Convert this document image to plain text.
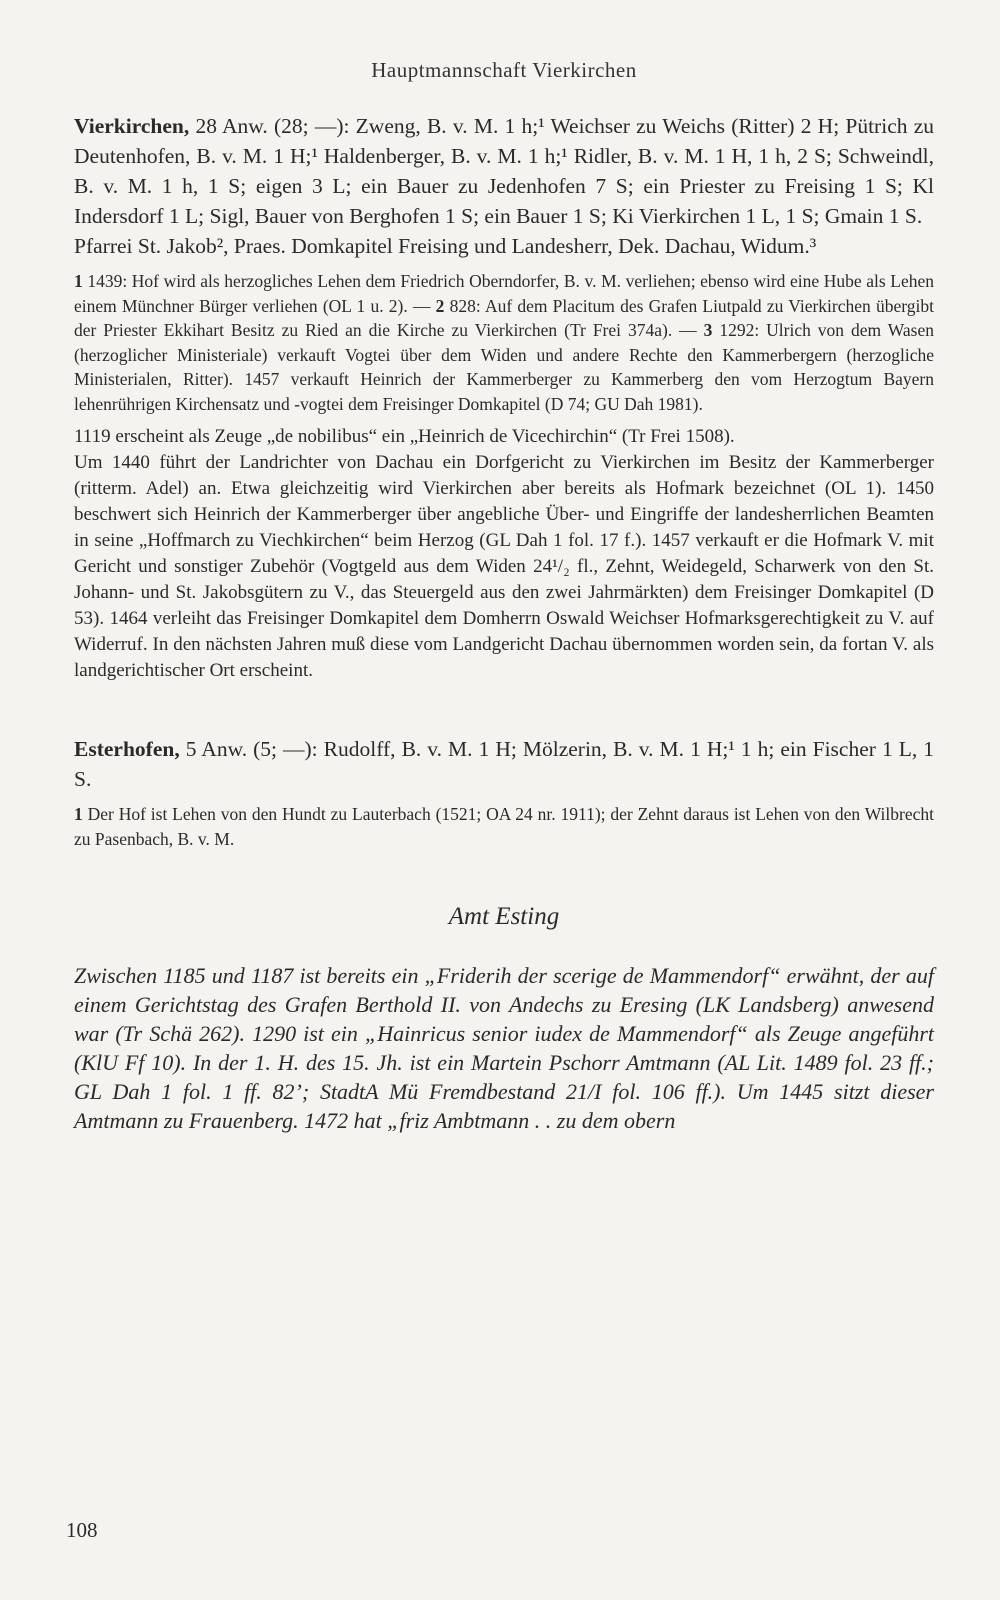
Hauptmannschaft Vierkirchen

Vierkirchen, 28 Anw. (28; —): Zweng, B. v. M. 1 h;¹ Weichser zu Weichs (Ritter) 2 H; Pütrich zu Deutenhofen, B. v. M. 1 H;¹ Haldenberger, B. v. M. 1 h;¹ Ridler, B. v. M. 1 H, 1 h, 2 S; Schweindl, B. v. M. 1 h, 1 S; eigen 3 L; ein Bauer zu Jedenhofen 7 S; ein Priester zu Freising 1 S; Kl Indersdorf 1 L; Sigl, Bauer von Berghofen 1 S; ein Bauer 1 S; Ki Vierkirchen 1 L, 1 S; Gmain 1 S.

Pfarrei St. Jakob², Praes. Domkapitel Freising und Landesherr, Dek. Dachau, Widum.³

1 1439: Hof wird als herzogliches Lehen dem Friedrich Oberndorfer, B. v. M. verliehen; ebenso wird eine Hube als Lehen einem Münchner Bürger verliehen (OL 1 u. 2). — 2 828: Auf dem Placitum des Grafen Liutpald zu Vierkirchen übergibt der Priester Ekkihart Besitz zu Ried an die Kirche zu Vierkirchen (Tr Frei 374a). — 3 1292: Ulrich von dem Wasen (herzoglicher Ministeriale) verkauft Vogtei über dem Widen und andere Rechte den Kammerbergern (herzogliche Ministerialen, Ritter). 1457 verkauft Heinrich der Kammerberger zu Kammerberg den vom Herzogtum Bayern lehenrührigen Kirchensatz und -vogtei dem Freisinger Domkapitel (D 74; GU Dah 1981).

1119 erscheint als Zeuge „de nobilibus“ ein „Heinrich de Vicechirchin“ (Tr Frei 1508).

Um 1440 führt der Landrichter von Dachau ein Dorfgericht zu Vierkirchen im Besitz der Kammerberger (ritterm. Adel) an. Etwa gleichzeitig wird Vierkirchen aber bereits als Hofmark bezeichnet (OL 1). 1450 beschwert sich Heinrich der Kammerberger über angebliche Über- und Eingriffe der landesherrlichen Beamten in seine „Hoffmarch zu Viechkirchen“ beim Herzog (GL Dah 1 fol. 17 f.). 1457 verkauft er die Hofmark V. mit Gericht und sonstiger Zubehör (Vogtgeld aus dem Widen 24¹/₂ fl., Zehnt, Weidegeld, Scharwerk von den St. Johann- und St. Jakobsgütern zu V., das Steuergeld aus den zwei Jahrmärkten) dem Freisinger Domkapitel (D 53). 1464 verleiht das Freisinger Domkapitel dem Domherrn Oswald Weichser Hofmarksgerechtigkeit zu V. auf Widerruf. In den nächsten Jahren muß diese vom Landgericht Dachau übernommen worden sein, da fortan V. als landgerichtischer Ort erscheint.

Esterhofen, 5 Anw. (5; —): Rudolff, B. v. M. 1 H; Mölzerin, B. v. M. 1 H;¹ 1 h; ein Fischer 1 L, 1 S.

1 Der Hof ist Lehen von den Hundt zu Lauterbach (1521; OA 24 nr. 1911); der Zehnt daraus ist Lehen von den Wilbrecht zu Pasenbach, B. v. M.

Amt Esting

Zwischen 1185 und 1187 ist bereits ein „Friderih der scerige de Mammendorf“ erwähnt, der auf einem Gerichtstag des Grafen Berthold II. von Andechs zu Eresing (LK Landsberg) anwesend war (Tr Schä 262). 1290 ist ein „Hainricus senior iudex de Mammendorf“ als Zeuge angeführt (KlU Ff 10). In der 1. H. des 15. Jh. ist ein Martein Pschorr Amtmann (AL Lit. 1489 fol. 23 ff.; GL Dah 1 fol. 1 ff. 82’; StadtA Mü Fremdbestand 21/I fol. 106 ff.). Um 1445 sitzt dieser Amtmann zu Frauenberg. 1472 hat „friz Ambtmann . . zu dem obern

108
